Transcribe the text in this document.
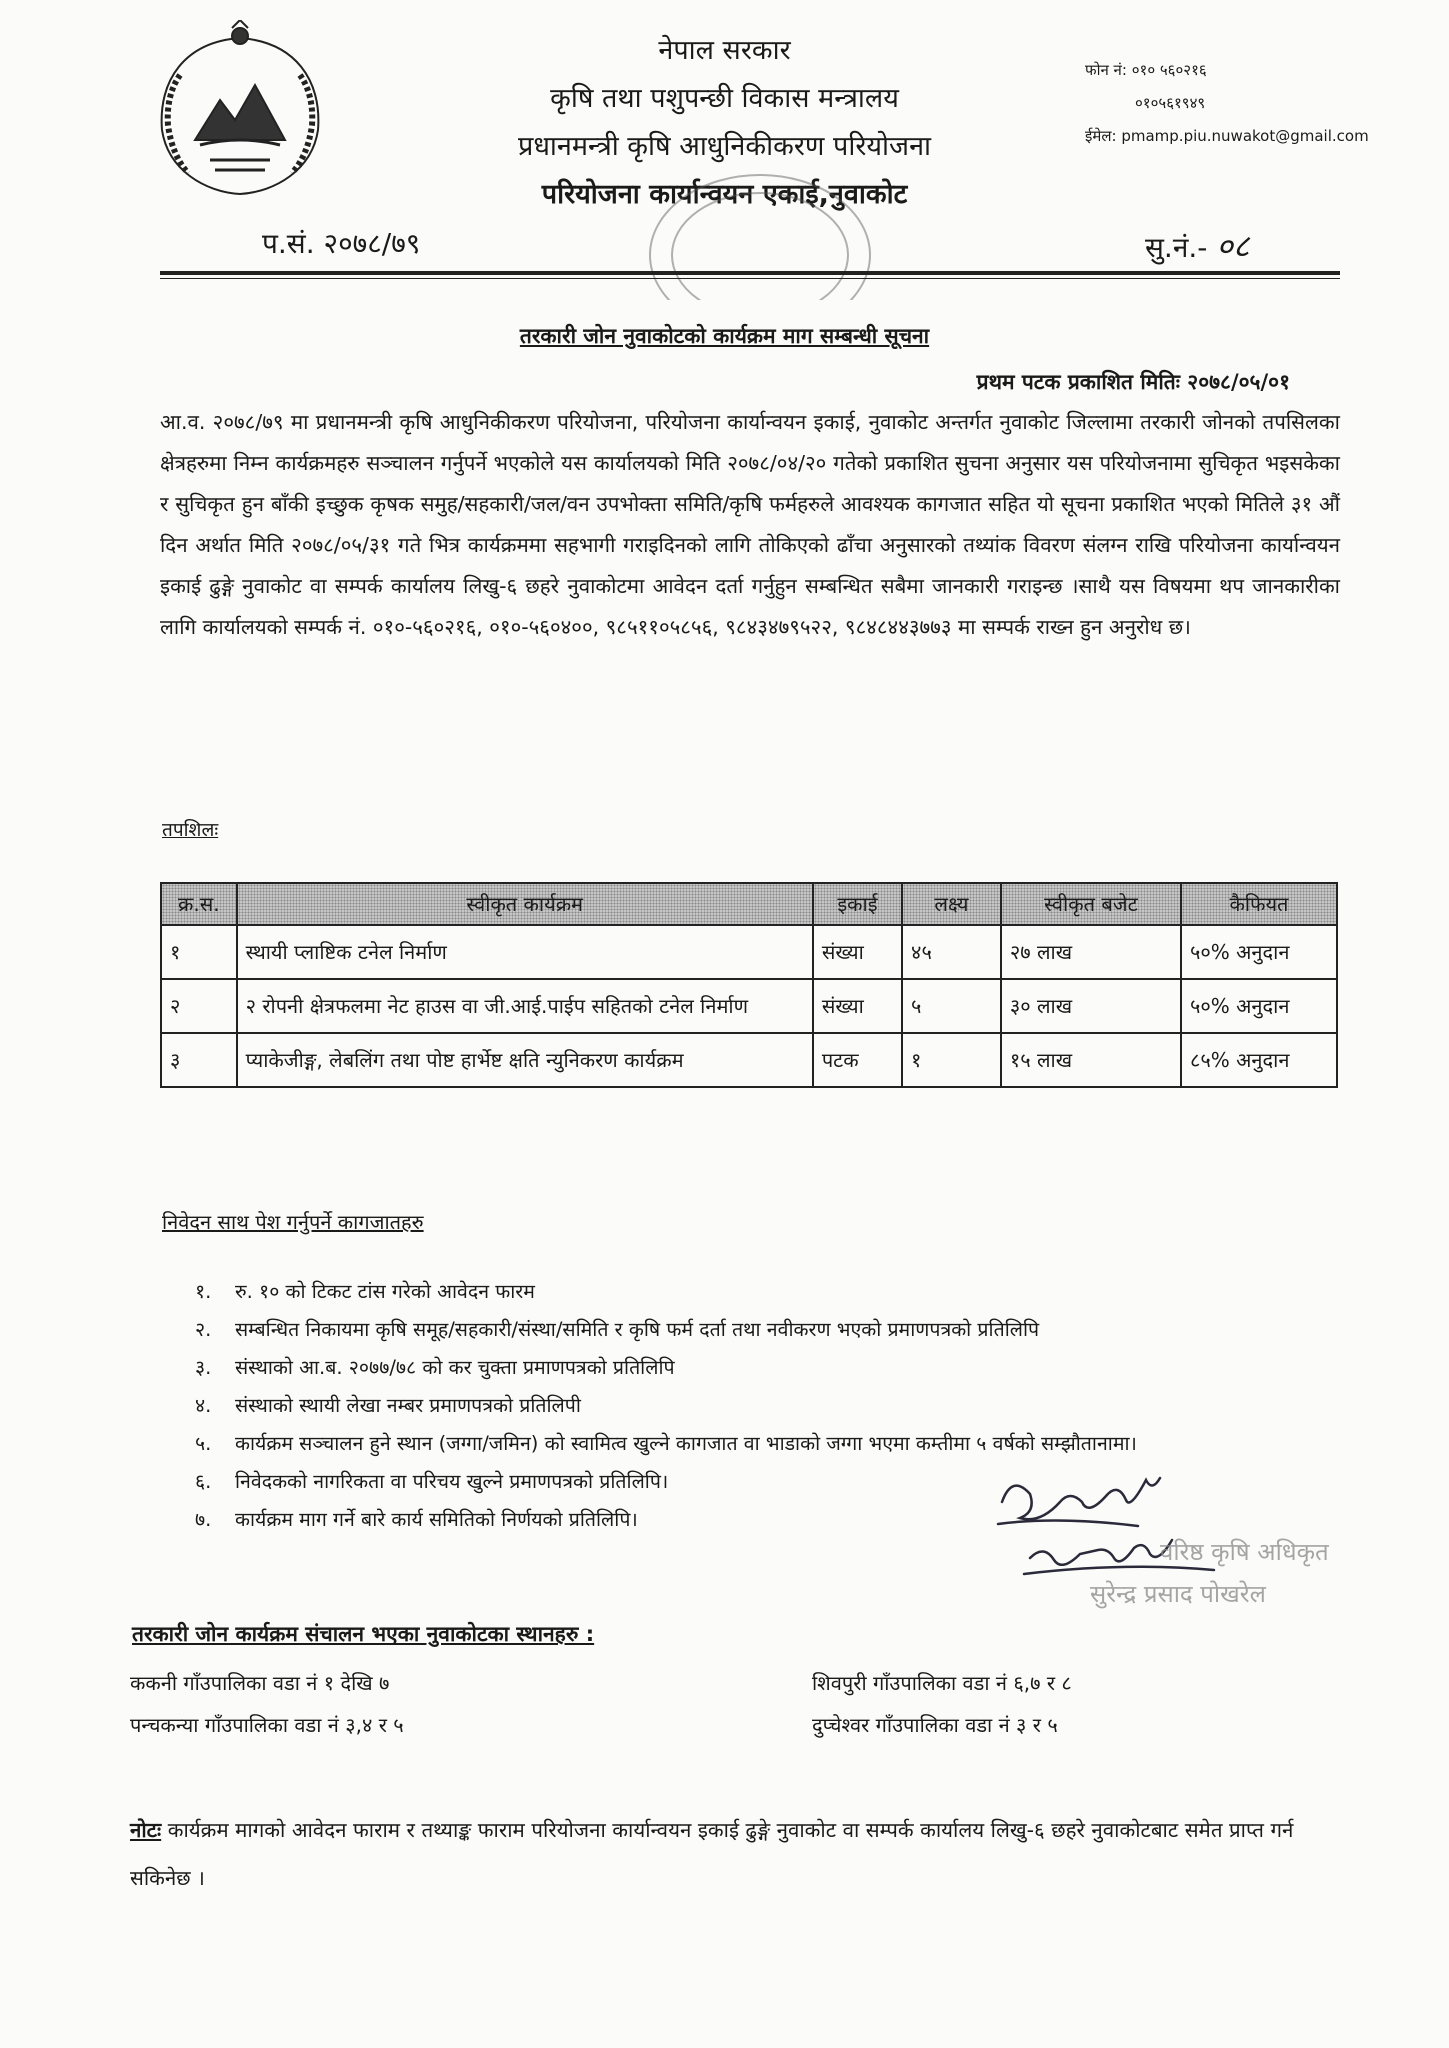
नेपाल सरकार
कृषि तथा पशुपन्छी विकास मन्त्रालय
प्रधानमन्त्री कृषि आधुनिकीकरण परियोजना
परियोजना कार्यान्वयन एकाई,नुवाकोट
फोन नं: ०१० ५६०२१६
०१०५६१९४९
ईमेल: pmamp.piu.nuwakot@gmail.com
प.सं. २०७८/७९	सु.नं.- ०८
तरकारी जोन नुवाकोटको कार्यक्रम माग सम्बन्धी सूचना
प्रथम पटक प्रकाशित मितिः २०७८/०५/०१
आ.व. २०७८/७९ मा प्रधानमन्त्री कृषि आधुनिकीकरण परियोजना, परियोजना कार्यान्वयन इकाई, नुवाकोट अन्तर्गत नुवाकोट जिल्लामा तरकारी जोनको तपसिलका क्षेत्रहरुमा निम्न कार्यक्रमहरु सञ्चालन गर्नुपर्ने भएकोले यस कार्यालयको मिति २०७८/०४/२० गतेको प्रकाशित सुचना अनुसार यस परियोजनामा सुचिकृत भइसकेका र सुचिकृत हुन बाँकी इच्छुक कृषक समुह/सहकारी/जल/वन उपभोक्ता समिति/कृषि फर्महरुले आवश्यक कागजात सहित यो सूचना प्रकाशित भएको मितिले ३१ औं दिन अर्थात मिति २०७८/०५/३१ गते भित्र कार्यक्रममा सहभागी गराइदिनको लागि तोकिएको ढाँचा अनुसारको तथ्यांक विवरण संलग्न राखि परियोजना कार्यान्वयन इकाई ढुङ्गे नुवाकोट वा सम्पर्क कार्यालय लिखु-६ छहरे नुवाकोटमा आवेदन दर्ता गर्नुहुन सम्बन्धित सबैमा जानकारी गराइन्छ ।साथै यस विषयमा थप जानकारीका लागि कार्यालयको सम्पर्क नं. ०१०-५६०२१६, ०१०-५६०४००, ९८५११०५८५६, ९८४३४७९५२२, ९८४८४४३७७३ मा सम्पर्क राख्न हुन अनुरोध छ।
तपशिलः
क्र.स.	स्वीकृत कार्यक्रम	इकाई	लक्ष्य	स्वीकृत बजेट	कैफियत
१	स्थायी प्लाष्टिक टनेल निर्माण	संख्या	४५	२७ लाख	५०% अनुदान
२	२ रोपनी क्षेत्रफलमा नेट हाउस वा जी.आई.पाईप सहितको टनेल निर्माण	संख्या	५	३० लाख	५०% अनुदान
३	प्याकेजीङ्ग, लेबलिंग तथा पोष्ट हार्भेष्ट क्षति न्युनिकरण कार्यक्रम	पटक	१	१५ लाख	८५% अनुदान
निवेदन साथ पेश गर्नुपर्ने कागजातहरु
१. रु. १० को टिकट टांस गरेको आवेदन फारम
२. सम्बन्धित निकायमा कृषि समूह/सहकारी/संस्था/समिति र कृषि फर्म दर्ता तथा नवीकरण भएको प्रमाणपत्रको प्रतिलिपि
३. संस्थाको आ.ब. २०७७/७८ को कर चुक्ता प्रमाणपत्रको प्रतिलिपि
४. संस्थाको स्थायी लेखा नम्बर प्रमाणपत्रको प्रतिलिपी
५. कार्यक्रम सञ्चालन हुने स्थान (जग्गा/जमिन) को स्वामित्व खुल्ने कागजात वा भाडाको जग्गा भएमा कम्तीमा ५ वर्षको सम्झौतानामा।
६. निवेदकको नागरिकता वा परिचय खुल्ने प्रमाणपत्रको प्रतिलिपि।
७. कार्यक्रम माग गर्ने बारे कार्य समितिको निर्णयको प्रतिलिपि।
वरिष्ठ कृषि अधिकृत
सुरेन्द्र प्रसाद पोखरेल
तरकारी जोन कार्यक्रम संचालन भएका नुवाकोटका स्थानहरु :
ककनी गाँउपालिका वडा नं १ देखि ७
पन्चकन्या गाँउपालिका वडा नं ३,४ र ५
शिवपुरी गाँउपालिका वडा नं ६,७ र ८
दुप्चेश्वर गाँउपालिका वडा नं ३ र ५
नोटः कार्यक्रम मागको आवेदन फाराम र तथ्याङ्क फाराम परियोजना कार्यान्वयन इकाई ढुङ्गे नुवाकोट वा सम्पर्क कार्यालय लिखु-६ छहरे नुवाकोटबाट समेत प्राप्त गर्न सकिनेछ ।
